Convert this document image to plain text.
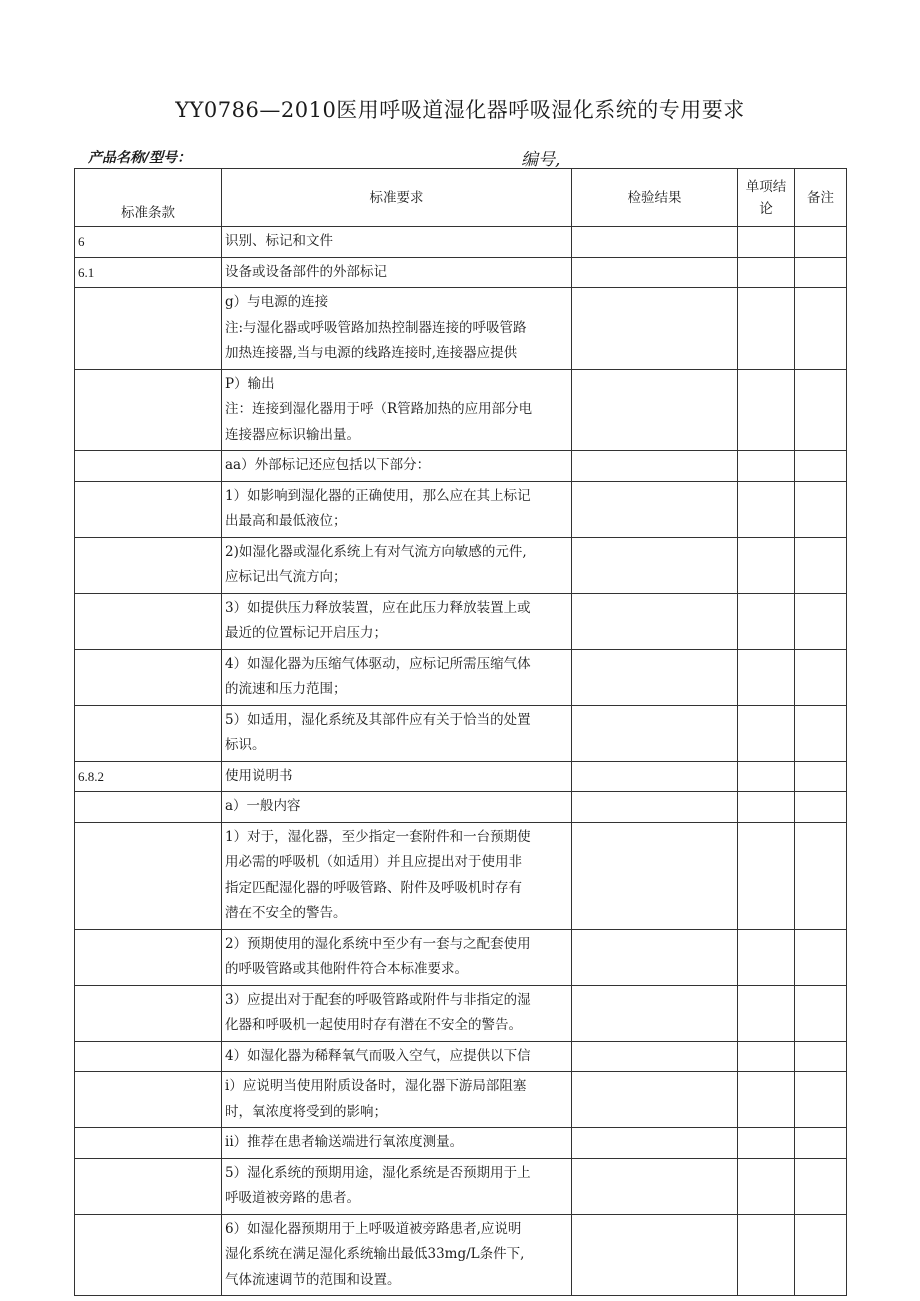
YY0786—2010医用呼吸道湿化器呼吸湿化系统的专用要求
产品名称/型号：	编号,
标准条款	标准要求	检验结果	单项结论	备注
6	识别、标记和文件			

6.1	设备或设备部件的外部标记			

	g）与电源的连接
注:与湿化器或呼吸管路加热控制器连接的呼吸管路
加热连接器,当与电源的线路连接时,连接器应提供			

	P）输出
注：连接到湿化器用于呼（R管路加热的应用部分电
连接器应标识输出量。			

	aa）外部标记还应包括以下部分：			

	1）如影响到湿化器的正确使用，那么应在其上标记
出最高和最低液位；			

	2)如湿化器或湿化系统上有对气流方向敏感的元件,
应标记出气流方向；			

	3）如提供压力释放装置，应在此压力释放装置上或
最近的位置标记开启压力；			

	4）如湿化器为压缩气体驱动，应标记所需压缩气体
的流速和压力范围；			

	5）如适用，湿化系统及其部件应有关于恰当的处置
标识。			

6.8.2	使用说明书			

	a）一般内容			

	1）对于，湿化器，至少指定一套附件和一台预期使
用必需的呼吸机（如适用）并且应提出对于使用非
指定匹配湿化器的呼吸管路、附件及呼吸机时存有
潜在不安全的警告。			

	2）预期使用的湿化系统中至少有一套与之配套使用
的呼吸管路或其他附件符合本标准要求。			

	3）应提出对于配套的呼吸管路或附件与非指定的湿
化器和呼吸机一起使用时存有潜在不安全的警告。			

	4）如湿化器为稀释氧气而吸入空气，应提供以下信			

	i）应说明当使用附质设备时，湿化器下游局部阻塞
时，氧浓度将受到的影响；			

	ii）推荐在患者输送端进行氧浓度测量。			

	5）湿化系统的预期用途，湿化系统是否预期用于上
呼吸道被旁路的患者。			

	6）如湿化器预期用于上呼吸道被旁路患者,应说明
湿化系统在满足湿化系统输出最低33mg/L条件下,
气体流速调节的范围和设置。			
